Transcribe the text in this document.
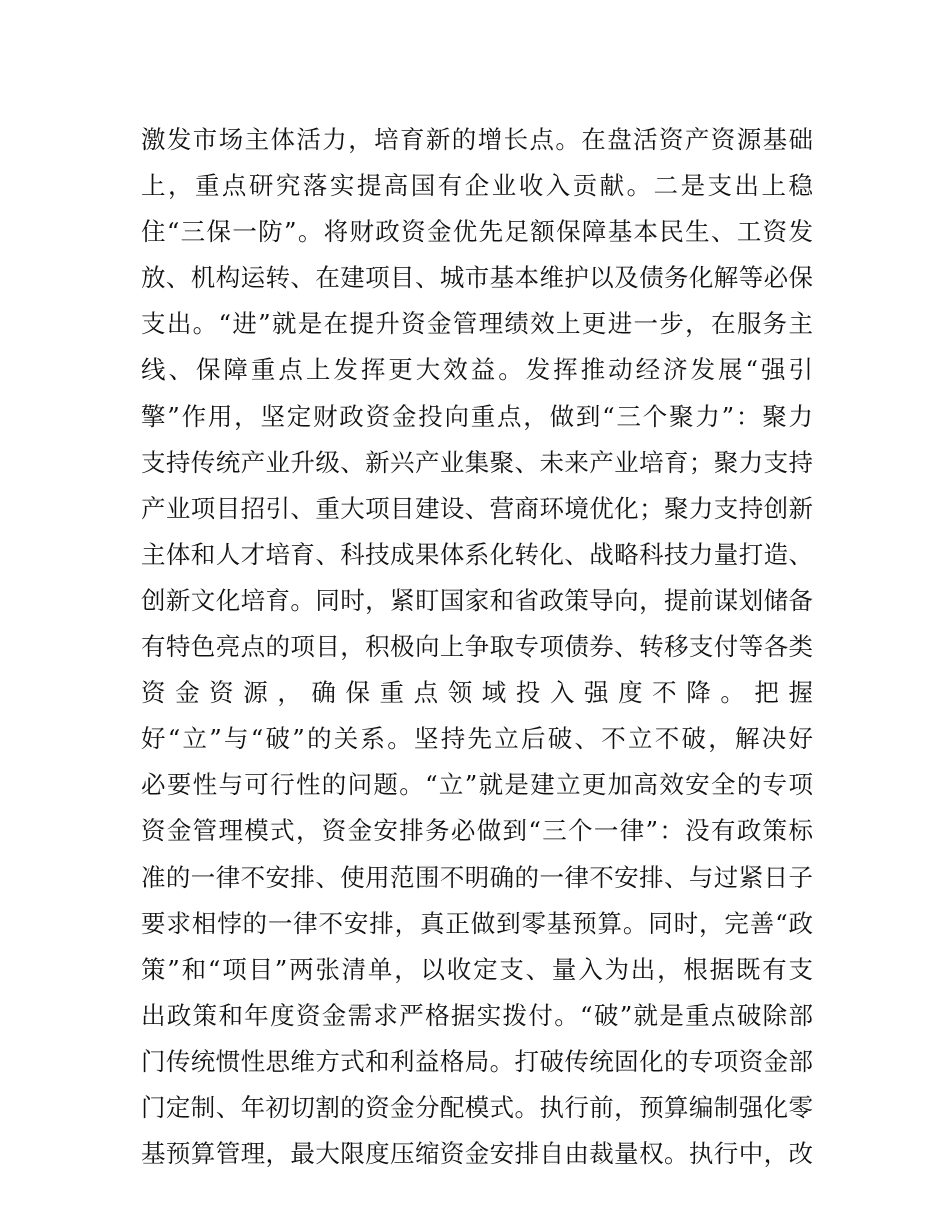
激发市场主体活力，培育新的增长点。在盘活资产资源基础
上，重点研究落实提高国有企业收入贡献。二是支出上稳
住“三保一防”。将财政资金优先足额保障基本民生、工资发
放、机构运转、在建项目、城市基本维护以及债务化解等必保
支出。“进”就是在提升资金管理绩效上更进一步，在服务主
线、保障重点上发挥更大效益。发挥推动经济发展“强引
擎”作用，坚定财政资金投向重点，做到“三个聚力”：聚力
支持传统产业升级、新兴产业集聚、未来产业培育；聚力支持
产业项目招引、重大项目建设、营商环境优化；聚力支持创新
主体和人才培育、科技成果体系化转化、战略科技力量打造、
创新文化培育。同时，紧盯国家和省政策导向，提前谋划储备
有特色亮点的项目，积极向上争取专项债券、转移支付等各类
资金资源，确保重点领域投入强度不降。把握
好“立”与“破”的关系。坚持先立后破、不立不破，解决好
必要性与可行性的问题。“立”就是建立更加高效安全的专项
资金管理模式，资金安排务必做到“三个一律”：没有政策标
准的一律不安排、使用范围不明确的一律不安排、与过紧日子
要求相悖的一律不安排，真正做到零基预算。同时，完善“政
策”和“项目”两张清单，以收定支、量入为出，根据既有支
出政策和年度资金需求严格据实拨付。“破”就是重点破除部
门传统惯性思维方式和利益格局。打破传统固化的专项资金部
门定制、年初切割的资金分配模式。执行前，预算编制强化零
基预算管理，最大限度压缩资金安排自由裁量权。执行中，改
